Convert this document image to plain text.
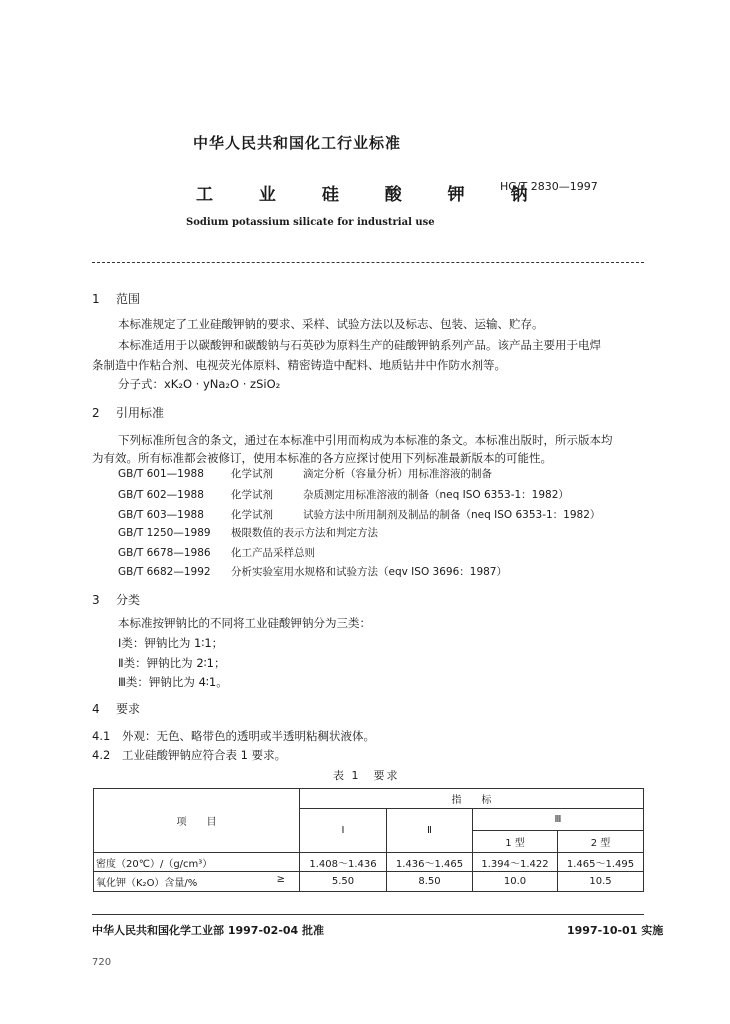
中华人民共和国化工行业标准
工 业 硅 酸 钾 钠
HG/T 2830—1997
Sodium potassium silicate for industrial use
1 范围
本标准规定了工业硅酸钾钠的要求、采样、试验方法以及标志、包装、运输、贮存。
本标准适用于以碳酸钾和碳酸钠与石英砂为原料生产的硅酸钾钠系列产品。该产品主要用于电焊
条制造中作粘合剂、电视荧光体原料、精密铸造中配料、地质钻井中作防水剂等。
分子式：xK₂O · yNa₂O · zSiO₂
2 引用标准
下列标准所包含的条文，通过在本标准中引用而构成为本标准的条文。本标准出版时，所示版本均
为有效。所有标准都会被修订，使用本标准的各方应探讨使用下列标准最新版本的可能性。
GB/T 601—1988	化学试剂	滴定分析（容量分析）用标准溶液的制备
GB/T 602—1988	化学试剂	杂质测定用标准溶液的制备（neq ISO 6353-1：1982）
GB/T 603—1988	化学试剂	试验方法中所用制剂及制品的制备（neq ISO 6353-1：1982）
GB/T 1250—1989 极限数值的表示方法和判定方法
GB/T 6678—1986 化工产品采样总则
GB/T 6682—1992 分析实验室用水规格和试验方法（eqv ISO 3696：1987）
3 分类
本标准按钾钠比的不同将工业硅酸钾钠分为三类：
Ⅰ类：钾钠比为 1∶1；
Ⅱ类：钾钠比为 2∶1；
Ⅲ类：钾钠比为 4∶1。
4 要求
4.1 外观：无色、略带色的透明或半透明粘稠状液体。
4.2 工业硅酸钾钠应符合表 1 要求。
表 1　要求
项　　目	指　　标			
	Ⅰ	Ⅱ	Ⅲ	
			1 型	2 型
密度（20℃）/（g/cm³）	1.408～1.436	1.436～1.465	1.394～1.422	1.465～1.495
氧化钾（K₂O）含量/% ≥	5.50	8.50	10.0	10.5
中华人民共和国化学工业部 1997-02-04 批准	1997-10-01 实施
720
